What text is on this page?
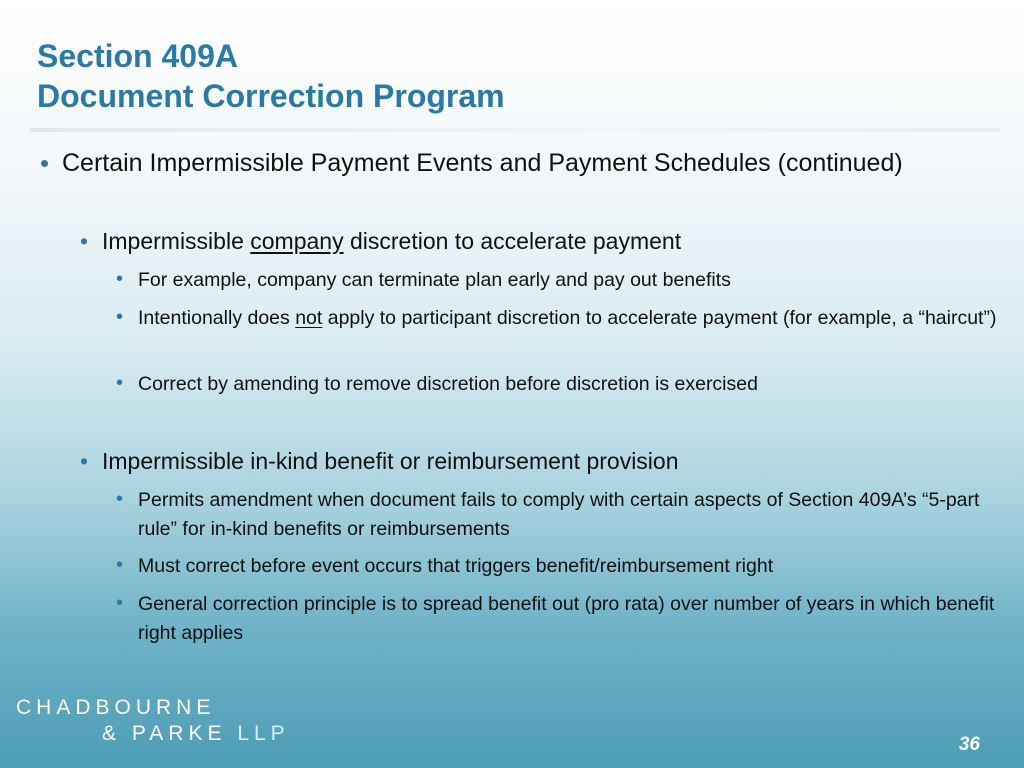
Section 409A
Document Correction Program

• Certain Impermissible Payment Events and Payment Schedules (continued)

• Impermissible company discretion to accelerate payment

• For example, company can terminate plan early and pay out benefits

• Intentionally does not apply to participant discretion to accelerate payment (for example, a “haircut”)

• Correct by amending to remove discretion before discretion is exercised

• Impermissible in-kind benefit or reimbursement provision

• Permits amendment when document fails to comply with certain aspects of Section 409A’s “5-part rule” for in-kind benefits or reimbursements

• Must correct before event occurs that triggers benefit/reimbursement right

• General correction principle is to spread benefit out (pro rata) over number of years in which benefit right applies

CHADBOURNE
& PARKE LLP	36
